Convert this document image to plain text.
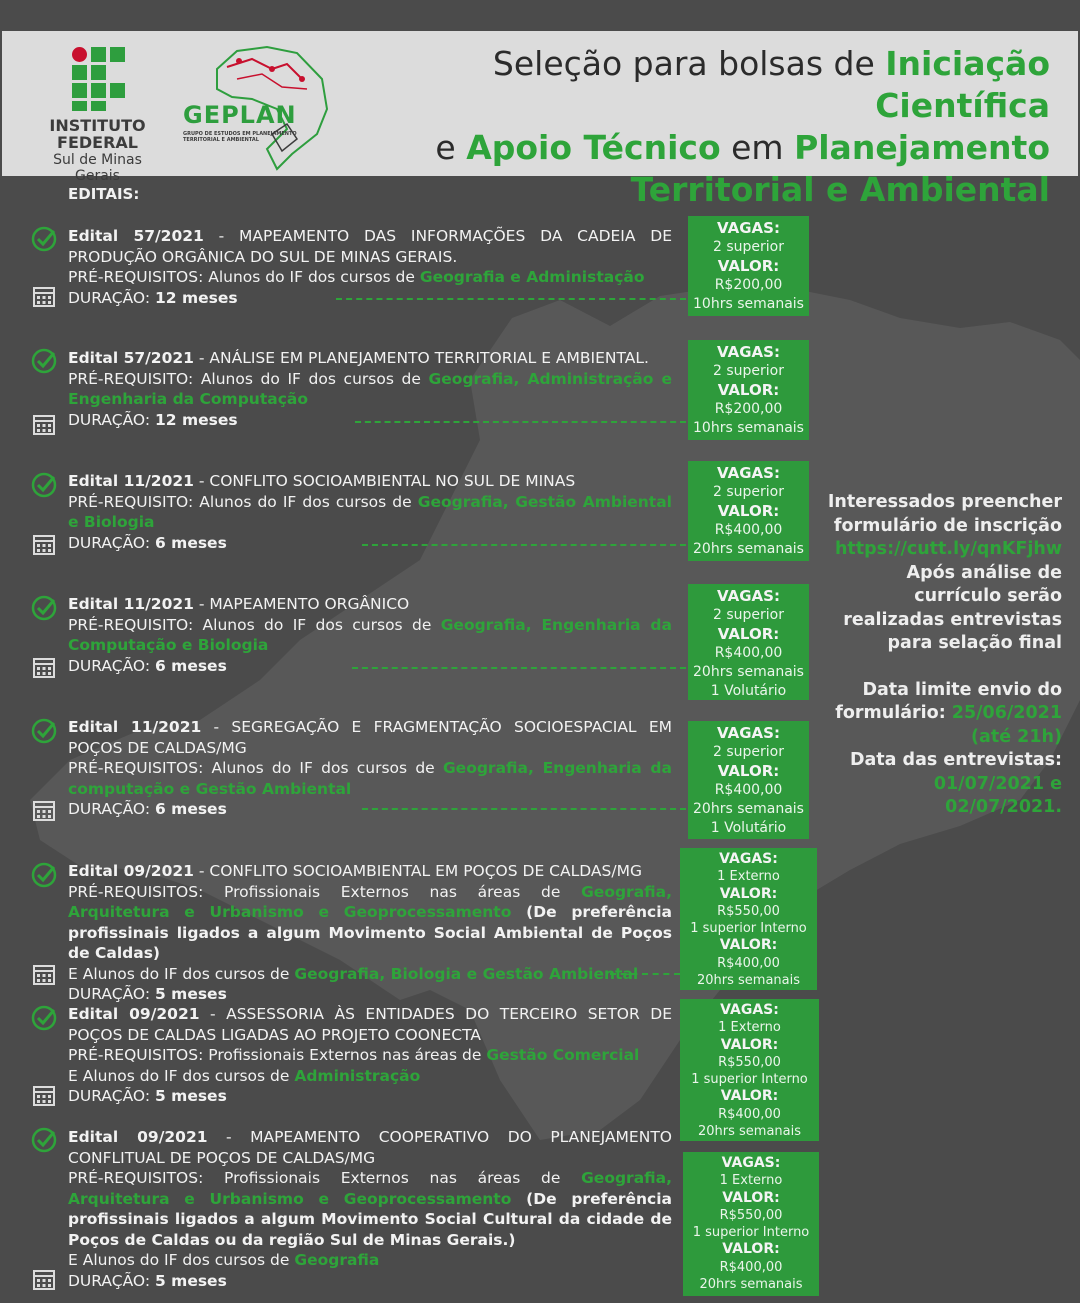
INSTITUTO
FEDERAL
Sul de Minas Gerais
GEPLAN
GRUPO DE ESTUDOS EM PLANEJAMENTO TERRITORIAL E AMBIENTAL
Seleção para bolsas de Iniciação Científica
e Apoio Técnico em Planejamento
Territorial e Ambiental
EDITAIS:
Edital 57/2021 - MAPEAMENTO DAS INFORMAÇÕES DA CADEIA DE PRODUÇÃO ORGÂNICA DO SUL DE MINAS GERAIS.
PRÉ-REQUISITOS: Alunos do IF dos cursos de Geografia e Administação
DURAÇÃO: 12 meses
VAGAS:
2 superior
VALOR:
R$200,00
10hrs semanais
Edital 57/2021 - ANÁLISE EM PLANEJAMENTO TERRITORIAL E AMBIENTAL.
PRÉ-REQUISITO: Alunos do IF dos cursos de Geografia, Administração e Engenharia da Computação
DURAÇÃO: 12 meses
VAGAS:
2 superior
VALOR:
R$200,00
10hrs semanais
Edital 11/2021 - CONFLITO SOCIOAMBIENTAL NO SUL DE MINAS
PRÉ-REQUISITO: Alunos do IF dos cursos de Geografia, Gestão Ambiental e Biologia
DURAÇÃO: 6 meses
VAGAS:
2 superior
VALOR:
R$400,00
20hrs semanais
Edital 11/2021 - MAPEAMENTO ORGÂNICO
PRÉ-REQUISITO: Alunos do IF dos cursos de Geografia, Engenharia da Computação e Biologia
DURAÇÃO: 6 meses
VAGAS:
2 superior
VALOR:
R$400,00
20hrs semanais
1 Volutário
Edital 11/2021 - SEGREGAÇÃO E FRAGMENTAÇÃO SOCIOESPACIAL EM POÇOS DE CALDAS/MG
PRÉ-REQUISITOS: Alunos do IF dos cursos de Geografia, Engenharia da computação e Gestão Ambiental
DURAÇÃO: 6 meses
VAGAS:
2 superior
VALOR:
R$400,00
20hrs semanais
1 Volutário
Edital 09/2021 - CONFLITO SOCIOAMBIENTAL EM POÇOS DE CALDAS/MG
PRÉ-REQUISITOS: Profissionais Externos nas áreas de Geografia, Arquitetura e Urbanismo e Geoprocessamento (De preferência profissinais ligados a algum Movimento Social Ambiental de Poços de Caldas)
E Alunos do IF dos cursos de Geografia, Biologia e Gestão Ambiental
DURAÇÃO: 5 meses
VAGAS:
1 Externo
VALOR:
R$550,00
1 superior Interno
VALOR:
R$400,00
20hrs semanais
Edital 09/2021 - ASSESSORIA ÀS ENTIDADES DO TERCEIRO SETOR DE POÇOS DE CALDAS LIGADAS AO PROJETO COONECTA
PRÉ-REQUISITOS: Profissionais Externos nas áreas de Gestão Comercial
E Alunos do IF dos cursos de Administração
DURAÇÃO: 5 meses
VAGAS:
1 Externo
VALOR:
R$550,00
1 superior Interno
VALOR:
R$400,00
20hrs semanais
Edital 09/2021 - MAPEAMENTO COOPERATIVO DO PLANEJAMENTO CONFLITUAL DE POÇOS DE CALDAS/MG
PRÉ-REQUISITOS: Profissionais Externos nas áreas de Geografia, Arquitetura e Urbanismo e Geoprocessamento (De preferência profissinais ligados a algum Movimento Social Cultural da cidade de Poços de Caldas ou da região Sul de Minas Gerais.)
E Alunos do IF dos cursos de Geografia
DURAÇÃO: 5 meses
VAGAS:
1 Externo
VALOR:
R$550,00
1 superior Interno
VALOR:
R$400,00
20hrs semanais
Interessados preencher
formulário de inscrição
https://cutt.ly/qnKFjhw
Após análise de
currículo serão
realizadas entrevistas
para selação final
Data limite envio do
formulário: 25/06/2021
(até 21h)
Data das entrevistas:
01/07/2021 e
02/07/2021.
